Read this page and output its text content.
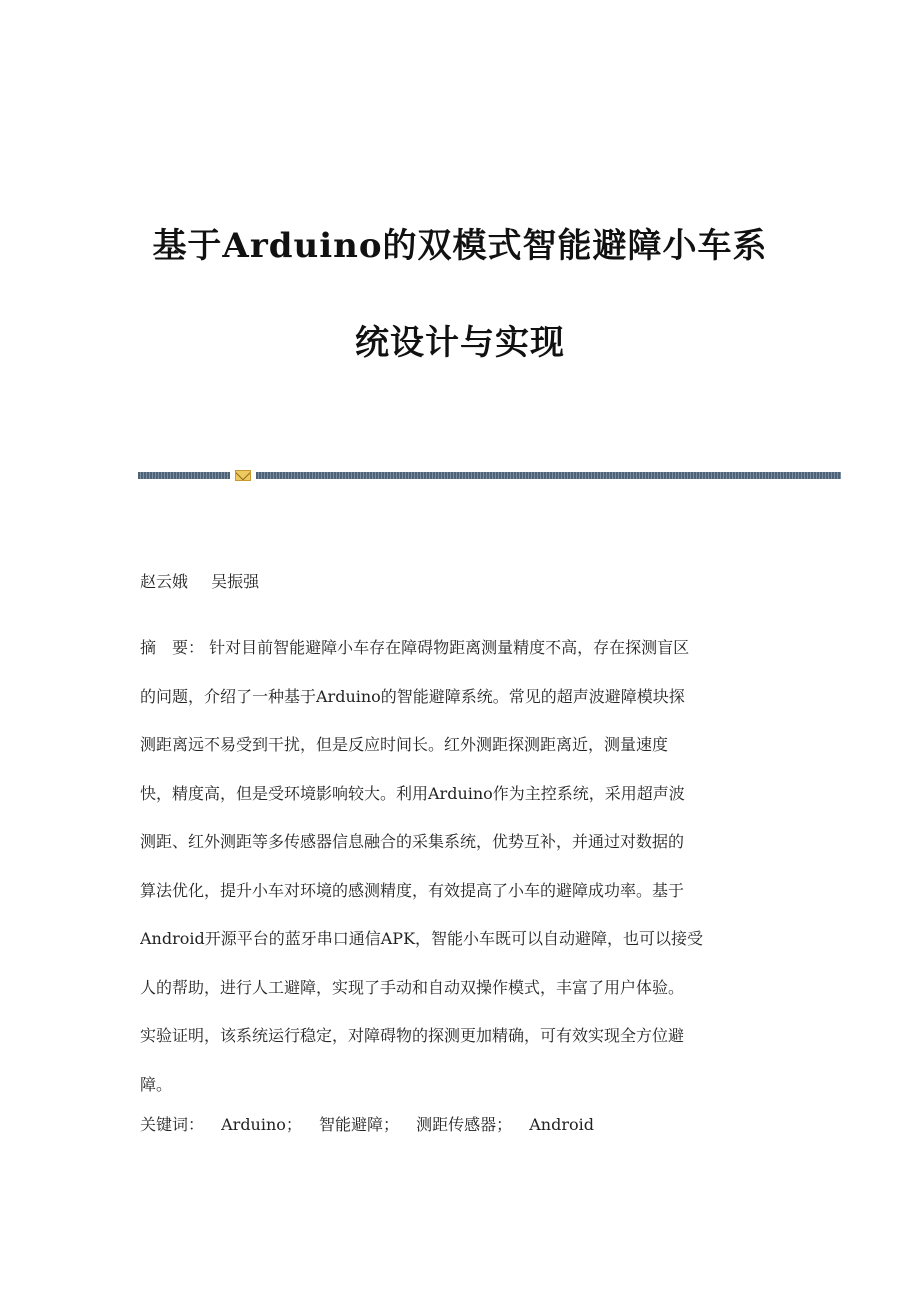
基于Arduino的双模式智能避障小车系
统设计与实现
赵云娥 吴振强
摘　要： 针对目前智能避障小车存在障碍物距离测量精度不高，存在探测盲区
的问题，介绍了一种基于Arduino的智能避障系统。常见的超声波避障模块探
测距离远不易受到干扰，但是反应时间长。红外测距探测距离近，测量速度
快，精度高，但是受环境影响较大。利用Arduino作为主控系统，采用超声波
测距、红外测距等多传感器信息融合的采集系统，优势互补，并通过对数据的
算法优化，提升小车对环境的感测精度，有效提高了小车的避障成功率。基于
Android开源平台的蓝牙串口通信APK，智能小车既可以自动避障，也可以接受
人的帮助，进行人工避障，实现了手动和自动双操作模式，丰富了用户体验。
实验证明，该系统运行稳定，对障碍物的探测更加精确，可有效实现全方位避
障。
关键词： Arduino； 智能避障； 测距传感器； Android
